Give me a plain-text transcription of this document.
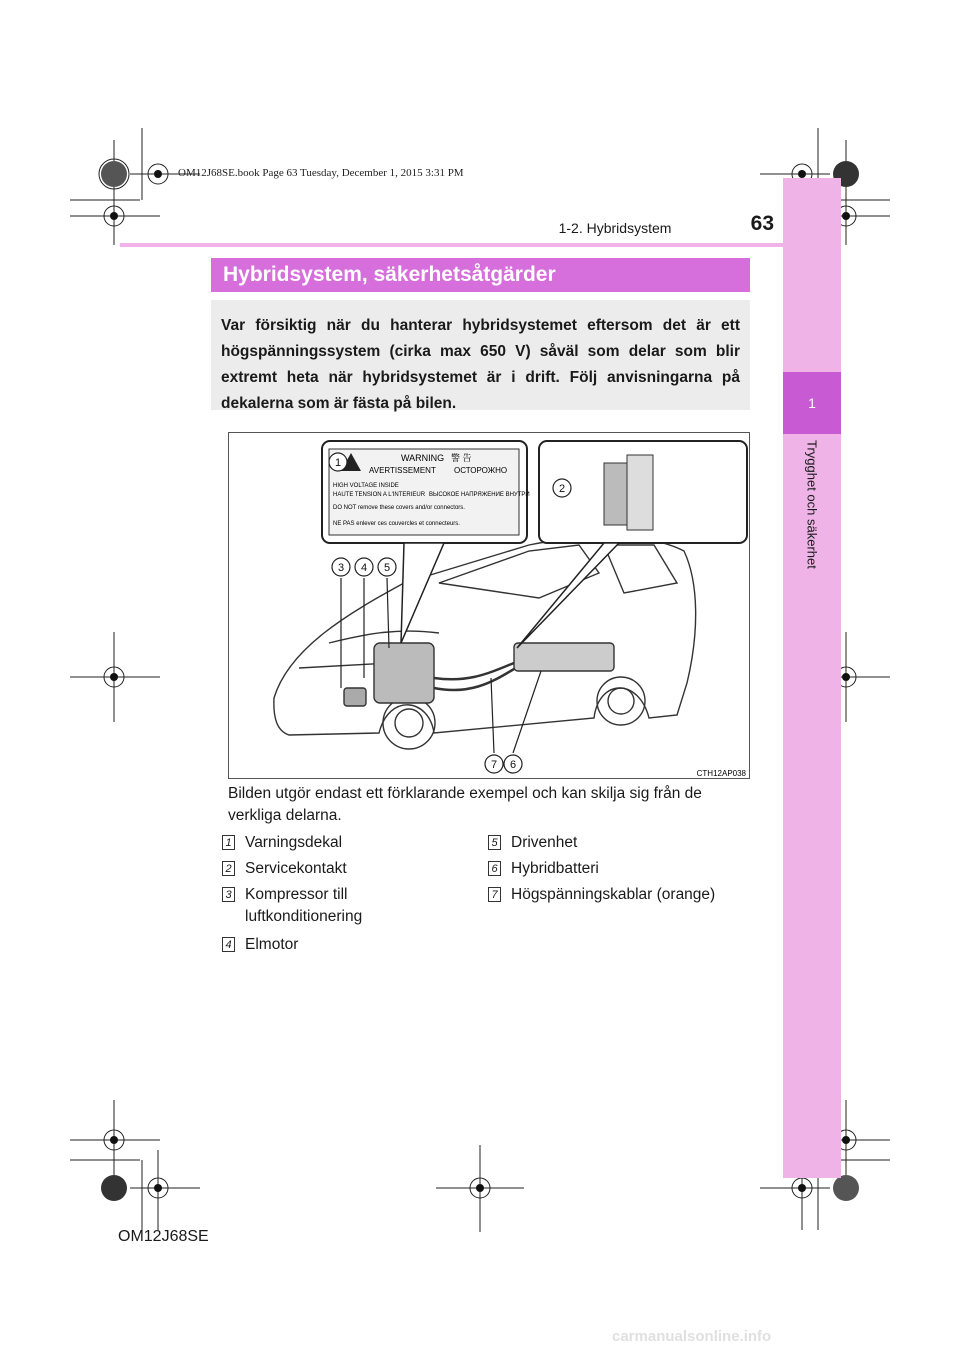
OM12J68SE.book Page 63 Tuesday, December 1, 2015 3:31 PM
1
Trygghet och säkerhet
1-2. Hybridsystem	63
Hybridsystem, säkerhetsåtgärder
Var försiktig när du hanterar hybridsystemet eftersom det är ett högspänningssystem (cirka max 650 V) såväl som delar som blir extremt heta när hybridsystemet är i drift. Följ anvisningarna på dekalerna som är fästa på bilen.
WARNING 警 告
AVERTISSEMENT ОСТОРОЖНО
HIGH VOLTAGE INSIDE
HAUTE TENSION A L'INTERIEUR ВЫСОКОЕ НАПРЯЖЕНИЕ ВНУТРИ
DO NOT remove these covers and/or connectors.
NE PAS enlever ces couvercles et connecteurs.
1
2
3 4 5
6
7
CTH12AP038
Bilden utgör endast ett förklarande exempel och kan skilja sig från de verkliga delarna.
1 Varningsdekal
2 Servicekontakt
3 Kompressor till luftkonditionering
4 Elmotor
5 Drivenhet
6 Hybridbatteri
7 Högspänningskablar (orange)
OM12J68SE
carmanualsonline.info
